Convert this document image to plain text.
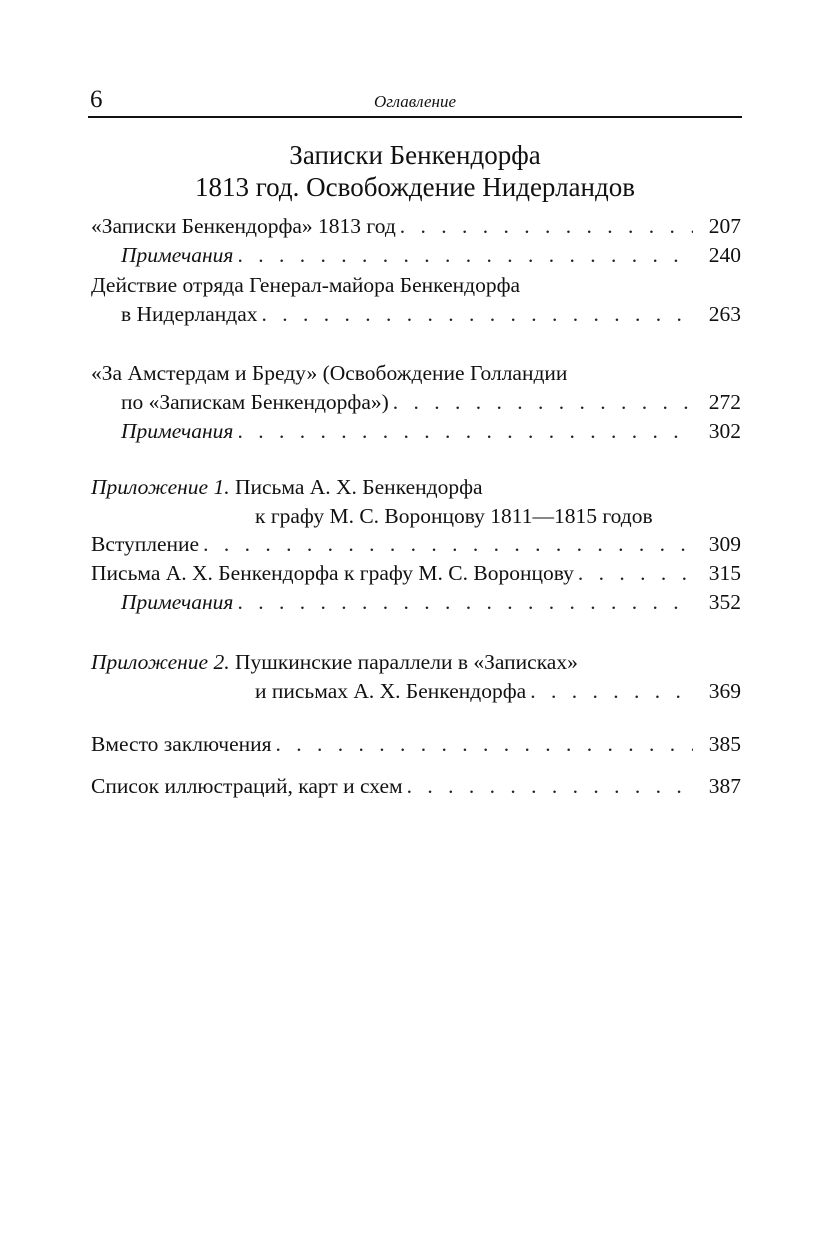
6	Оглавление
Записки Бенкендорфа
1813 год. Освобождение Нидерландов
«Записки Бенкендорфа» 1813 год . . .	207
Примечания . . .	240
Действие отряда Генерал-майора Бенкендорфа
в Нидерландах . . .	263
«За Амстердам и Бреду» (Освобождение Голландии
по «Запискам Бенкендорфа») . . .	272
Примечания . . .	302
Приложение 1. Письма А. Х. Бенкендорфа
к графу М. С. Воронцову 1811—1815 годов
Вступление . . .	309
Письма А. Х. Бенкендорфа к графу М. С. Воронцову . . .	315
Примечания . . .	352
Приложение 2. Пушкинские параллели в «Записках»
и письмах А. Х. Бенкендорфа . . .	369
Вместо заключения . . .	385
Список иллюстраций, карт и схем . . .	387
